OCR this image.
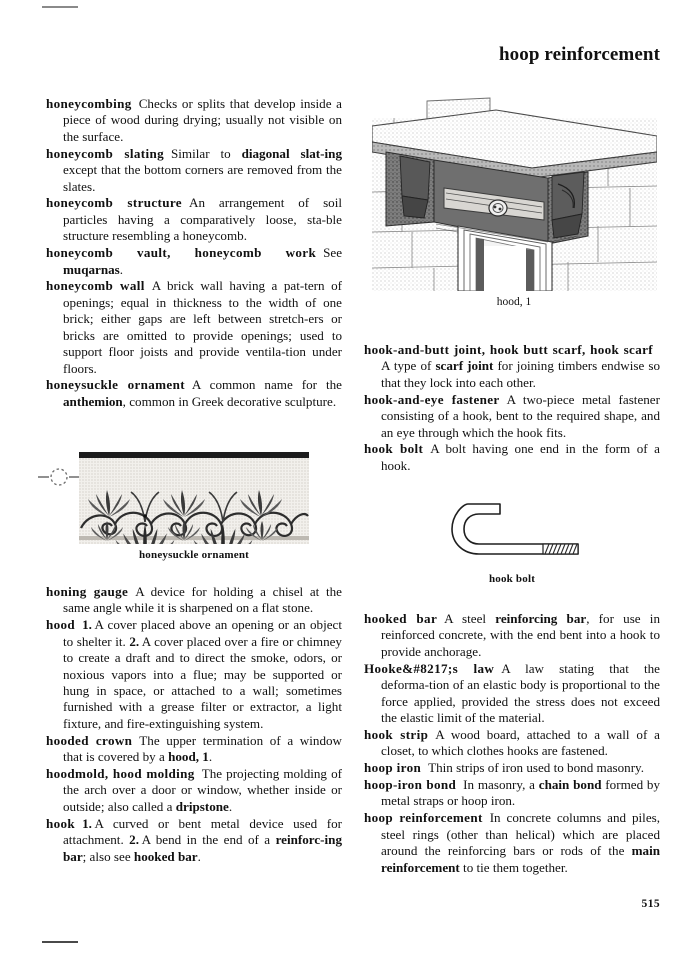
hoop reinforcement
honeycombing Checks or splits that develop inside a piece of wood during drying; usually not visible on the surface.
honeycomb slating Similar to diagonal slat‑ing except that the bottom corners are removed from the slates.
honeycomb structure An arrangement of soil particles having a comparatively loose, sta‑ble structure resembling a honeycomb.
honeycomb vault, honeycomb work See muqarnas.
honeycomb wall A brick wall having a pat‑tern of openings; equal in thickness to the width of one brick; either gaps are left between stretch‑ers or bricks are omitted to provide openings; used to support floor joists and provide ventila‑tion under floors.
honeysuckle ornament A common name for the anthemion, common in Greek decorative sculpture.
honeysuckle ornament
honing gauge A device for holding a chisel at the same angle while it is sharpened on a flat stone.
hood 1. A cover placed above an opening or an object to shelter it. 2. A cover placed over a fire or chimney to create a draft and to direct the smoke, odors, or noxious vapors into a flue; may be supported or hung in space, or attached to a wall; sometimes furnished with a grease filter or extractor, a light fixture, and fire-extinguishing system.
hooded crown The upper termination of a window that is covered by a hood, 1.
hoodmold, hood molding The projecting molding of the arch over a door or window, whether inside or outside; also called a dripstone.
hook 1. A curved or bent metal device used for attachment. 2. A bend in the end of a reinforc‑ing bar; also see hooked bar.
hood, 1
hook-and-butt joint, hook butt scarf, hook scarfA type of scarf joint for joining timbers endwise so that they lock into each other.
hook-and-eye fastener A two-piece metal fastener consisting of a hook, bent to the required shape, and an eye through which the hook fits.
hook bolt A bolt having one end in the form of a hook.
hook bolt
hooked bar A steel reinforcing bar, for use in reinforced concrete, with the end bent into a hook to provide anchorage.
Hooke&#8217;s law A law stating that the deforma‑tion of an elastic body is proportional to the force applied, provided the stress does not exceed the elastic limit of the material.
hook strip A wood board, attached to a wall of a closet, to which clothes hooks are fastened.
hoop iron Thin strips of iron used to bond masonry.
hoop-iron bond In masonry, a chain bond formed by metal straps or hoop iron.
hoop reinforcement In concrete columns and piles, steel rings (other than helical) which are placed around the reinforcing bars or rods of the main reinforcement to tie them together.
515
